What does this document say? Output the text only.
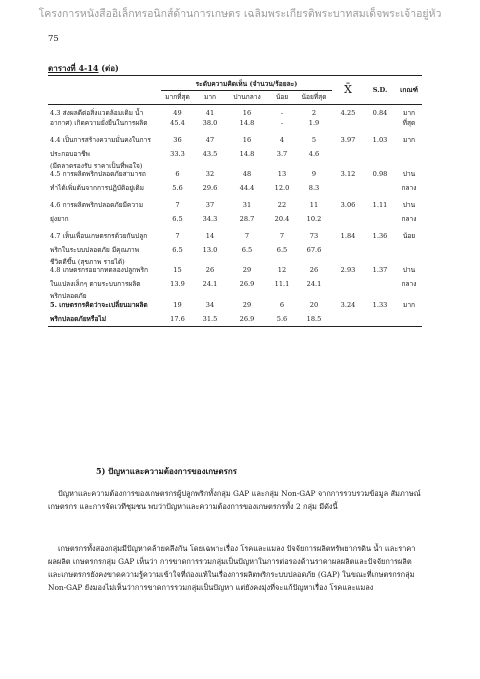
โครงการหนังสืออิเล็กทรอนิกส์ด้านการเกษตร เฉลิมพระเกียรติพระบาทสมเด็จพระเจ้าอยู่หัว
75
ตารางที่ 4-14 (ต่อ)
	ระดับความคิดเห็น (จำนวน/ร้อยละ)					X̄	S.D.	เกณฑ์
	มากที่สุด	มาก	ปานกลาง	น้อย	น้อยที่สุด			
4.3 ส่งผลดีต่อสิ่งแวดล้อมเดิม น้ำ	49	41	16	-	2	4.25	0.84	มาก
อากาศ) เกิดความยั่งยืนในการผลิต	45.4	38.0	14.8	-	1.9			ที่สุด

4.4 เป็นการสร้างความมั่นคงในการ	36	47	16	4	5	3.97	1.03	มาก
ประกอบอาชีพ	33.3	43.5	14.8	3.7	4.6			
(มีตลาดรองรับ ราคาเป็นที่พอใจ)								
4.5 การผลิตพริกปลอดภัยสามารถ	6	32	48	13	9	3.12	0.98	ปาน
ทำได้เพิ่มต้นจากการปฏิบัติอยู่เดิม	5.6	29.6	44.4	12.0	8.3			กลาง

4.6 การผลิตพริกปลอดภัยมีความ	7	37	31	22	11	3.06	1.11	ปาน
ยุ่งยาก	6.5	34.3	28.7	20.4	10.2			กลาง

4.7 เห็นเพื่อนเกษตรกรด้วยกันปลูก	7	14	7	7	73	1.84	1.36	น้อย
พริกในระบบปลอดภัย มีคุณภาพ	6.5	13.0	6.5	6.5	67.6			
ชีวิตดีขึ้น (สุขภาพ รายได้)								
4.8 เกษตรกรอยากทดลองปลูกพริก	15	26	29	12	26	2.93	1.37	ปาน
ในแปลงเล็กๆ ตามระบบการผลิต	13.9	24.1	26.9	11.1	24.1			กลาง
พริกปลอดภัย								
5. เกษตรกรคิดว่าจะเปลี่ยนมาผลิต	19	34	29	6	20	3.24	1.33	มาก
พริกปลอดภัยหรือไม่	17.6	31.5	26.9	5.6	18.5			

5) ปัญหาและความต้องการของเกษตรกร
ปัญหาและความต้องการของเกษตรกรผู้ปลูกพริกทั้งกลุ่ม GAP และกลุ่ม Non-GAP จากการรวบรวมข้อมูล สัมภาษณ์เกษตรกร และการจัดเวทีชุมชน พบว่าปัญหาและความต้องการของเกษตรกรทั้ง 2 กลุ่ม มีดังนี้
เกษตรกรทั้งสองกลุ่มมีปัญหาคล้ายคลึงกัน โดยเฉพาะเรื่อง โรคและแมลง ปัจจัยการผลิตทรัพยากรดิน น้ำ และราคาผลผลิต เกษตรกรกลุ่ม GAP เห็นว่า การขาดการรวมกลุ่มเป็นปัญหาในการต่อรองด้านราคาผลผลิตและปัจจัยการผลิต และเกษตรกรยังคงขาดความรู้ความเข้าใจที่ถ่องแท้ในเรื่องการผลิตพริกระบบปลอดภัย (GAP) ในขณะที่เกษตรกรกลุ่ม Non-GAP ยังมองไม่เห็นว่าการขาดการรวมกลุ่มเป็นปัญหา แต่ยังคงมุ่งที่จะแก้ปัญหาเรื่อง โรคและแมลง
